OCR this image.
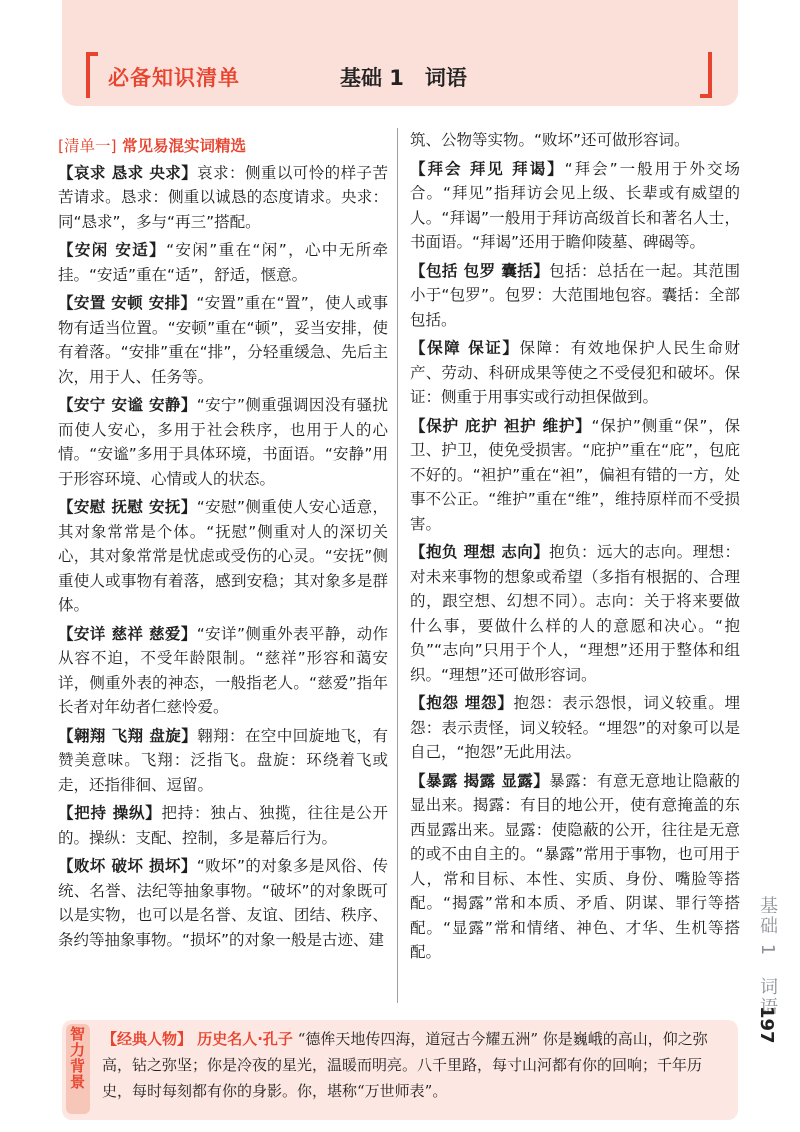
必备知识清单	基础 1　词语
[清单一] 常见易混实词精选
【哀求 恳求 央求】哀求：侧重以可怜的样子苦苦请求。恳求：侧重以诚恳的态度请求。央求：同“恳求”，多与“再三”搭配。
【安闲 安适】“安闲”重在“闲”，心中无所牵挂。“安适”重在“适”，舒适，惬意。
【安置 安顿 安排】“安置”重在“置”，使人或事物有适当位置。“安顿”重在“顿”，妥当安排，使有着落。“安排”重在“排”，分轻重缓急、先后主次，用于人、任务等。
【安宁 安谧 安静】“安宁”侧重强调因没有骚扰而使人安心，多用于社会秩序，也用于人的心情。“安谧”多用于具体环境，书面语。“安静”用于形容环境、心情或人的状态。
【安慰 抚慰 安抚】“安慰”侧重使人安心适意，其对象常常是个体。“抚慰”侧重对人的深切关心，其对象常常是忧虑或受伤的心灵。“安抚”侧重使人或事物有着落，感到安稳；其对象多是群体。
【安详 慈祥 慈爱】“安详”侧重外表平静，动作从容不迫，不受年龄限制。“慈祥”形容和蔼安详，侧重外表的神态，一般指老人。“慈爱”指年长者对年幼者仁慈怜爱。
【翱翔 飞翔 盘旋】翱翔：在空中回旋地飞，有赞美意味。飞翔：泛指飞。盘旋：环绕着飞或走，还指徘徊、逗留。
【把持 操纵】把持：独占、独揽，往往是公开的。操纵：支配、控制，多是幕后行为。
【败坏 破坏 损坏】“败坏”的对象多是风俗、传统、名誉、法纪等抽象事物。“破坏”的对象既可以是实物，也可以是名誉、友谊、团结、秩序、条约等抽象事物。“损坏”的对象一般是古迹、建
筑、公物等实物。“败坏”还可做形容词。
【拜会 拜见 拜谒】“拜会”一般用于外交场合。“拜见”指拜访会见上级、长辈或有威望的人。“拜谒”一般用于拜访高级首长和著名人士，书面语。“拜谒”还用于瞻仰陵墓、碑碣等。
【包括 包罗 囊括】包括：总括在一起。其范围小于“包罗”。包罗：大范围地包容。囊括：全部包括。
【保障 保证】保障：有效地保护人民生命财产、劳动、科研成果等使之不受侵犯和破坏。保证：侧重于用事实或行动担保做到。
【保护 庇护 袒护 维护】“保护”侧重“保”，保卫、护卫，使免受损害。“庇护”重在“庇”，包庇不好的。“袒护”重在“袒”，偏袒有错的一方，处事不公正。“维护”重在“维”，维持原样而不受损害。
【抱负 理想 志向】抱负：远大的志向。理想：对未来事物的想象或希望（多指有根据的、合理的，跟空想、幻想不同）。志向：关于将来要做什么事，要做什么样的人的意愿和决心。“抱负”“志向”只用于个人，“理想”还用于整体和组织。“理想”还可做形容词。
【抱怨 埋怨】抱怨：表示怨恨，词义较重。埋怨：表示责怪，词义较轻。“埋怨”的对象可以是自己，“抱怨”无此用法。
【暴露 揭露 显露】暴露：有意无意地让隐蔽的显出来。揭露：有目的地公开，使有意掩盖的东西显露出来。显露：使隐蔽的公开，往往是无意的或不由自主的。“暴露”常用于事物，也可用于人，常和目标、本性、实质、身份、嘴脸等搭配。“揭露”常和本质、矛盾、阴谋、罪行等搭配。“显露”常和情绪、神色、才华、生机等搭配。	基础 1　词语
197
智力背景 【经典人物】 历史名人·孔子 “德侔天地传四海，道冠古今耀五洲” 你是巍峨的高山，仰之弥高，钻之弥坚；你是冷夜的星光，温暖而明亮。八千里路，每寸山河都有你的回响；千年历史，每时每刻都有你的身影。你，堪称“万世师表”。
